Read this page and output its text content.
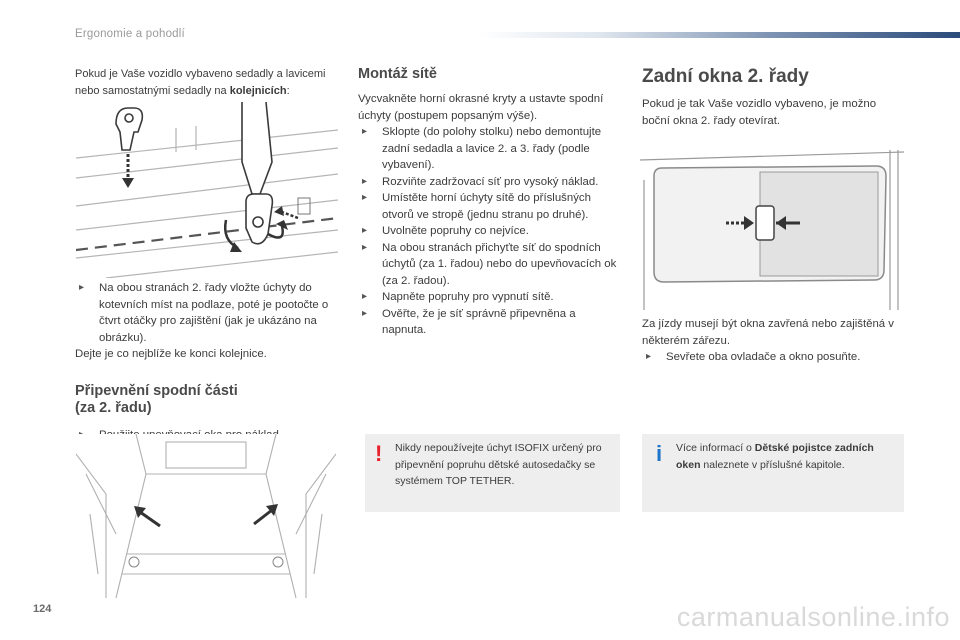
Ergonomie a pohodlí

Pokud je Vaše vozidlo vybaveno sedadly a lavicemi nebo samostatnými sedadly na kolejnicích:

▸ Na obou stranách 2. řady vložte úchyty do kotevních míst na podlaze, poté je pootočte o čtvrt otáčky pro zajištění (jak je ukázáno na obrázku).

Dejte je co nejblíže ke konci kolejnice.

Připevnění spodní části
(za 2. řadu)
▸
Montáž sítě

Vycvakněte horní okrasné kryty a ustavte spodní úchyty (postupem popsaným výše).

▸ Sklopte (do polohy stolku) nebo demontujte zadní sedadla a lavice 2. a 3. řady (podle vybavení).
▸ Rozviňte zadržovací síť pro vysoký náklad.
▸ Umístěte horní úchyty sítě do příslušných otvorů ve stropě (jednu stranu po druhé).
▸ Uvolněte popruhy co nejvíce.
▸ Na obou stranách přichyťte síť do spodních úchytů (za 1. řadou) nebo do upevňovacích ok (za 2. řadou).
▸ Napněte popruhy pro vypnutí sítě.
▸ Ověřte, že je síť správně připevněna a napnuta.
! Nikdy nepoužívejte úchyt ISOFIX určený pro připevnění popruhu dětské autosedačky se systémem TOP TETHER.
Zadní okna 2. řady

Pokud je tak Vaše vozidlo vybaveno, je možno boční okna 2. řady otevírat.

Za jízdy musejí být okna zavřená nebo zajištěná v některém zářezu.

▸ Sevřete oba ovladače a okno posuňte.
i Více informací o Dětské pojistce zadních oken naleznete v příslušné kapitole.
124	carmanualsonline.info
